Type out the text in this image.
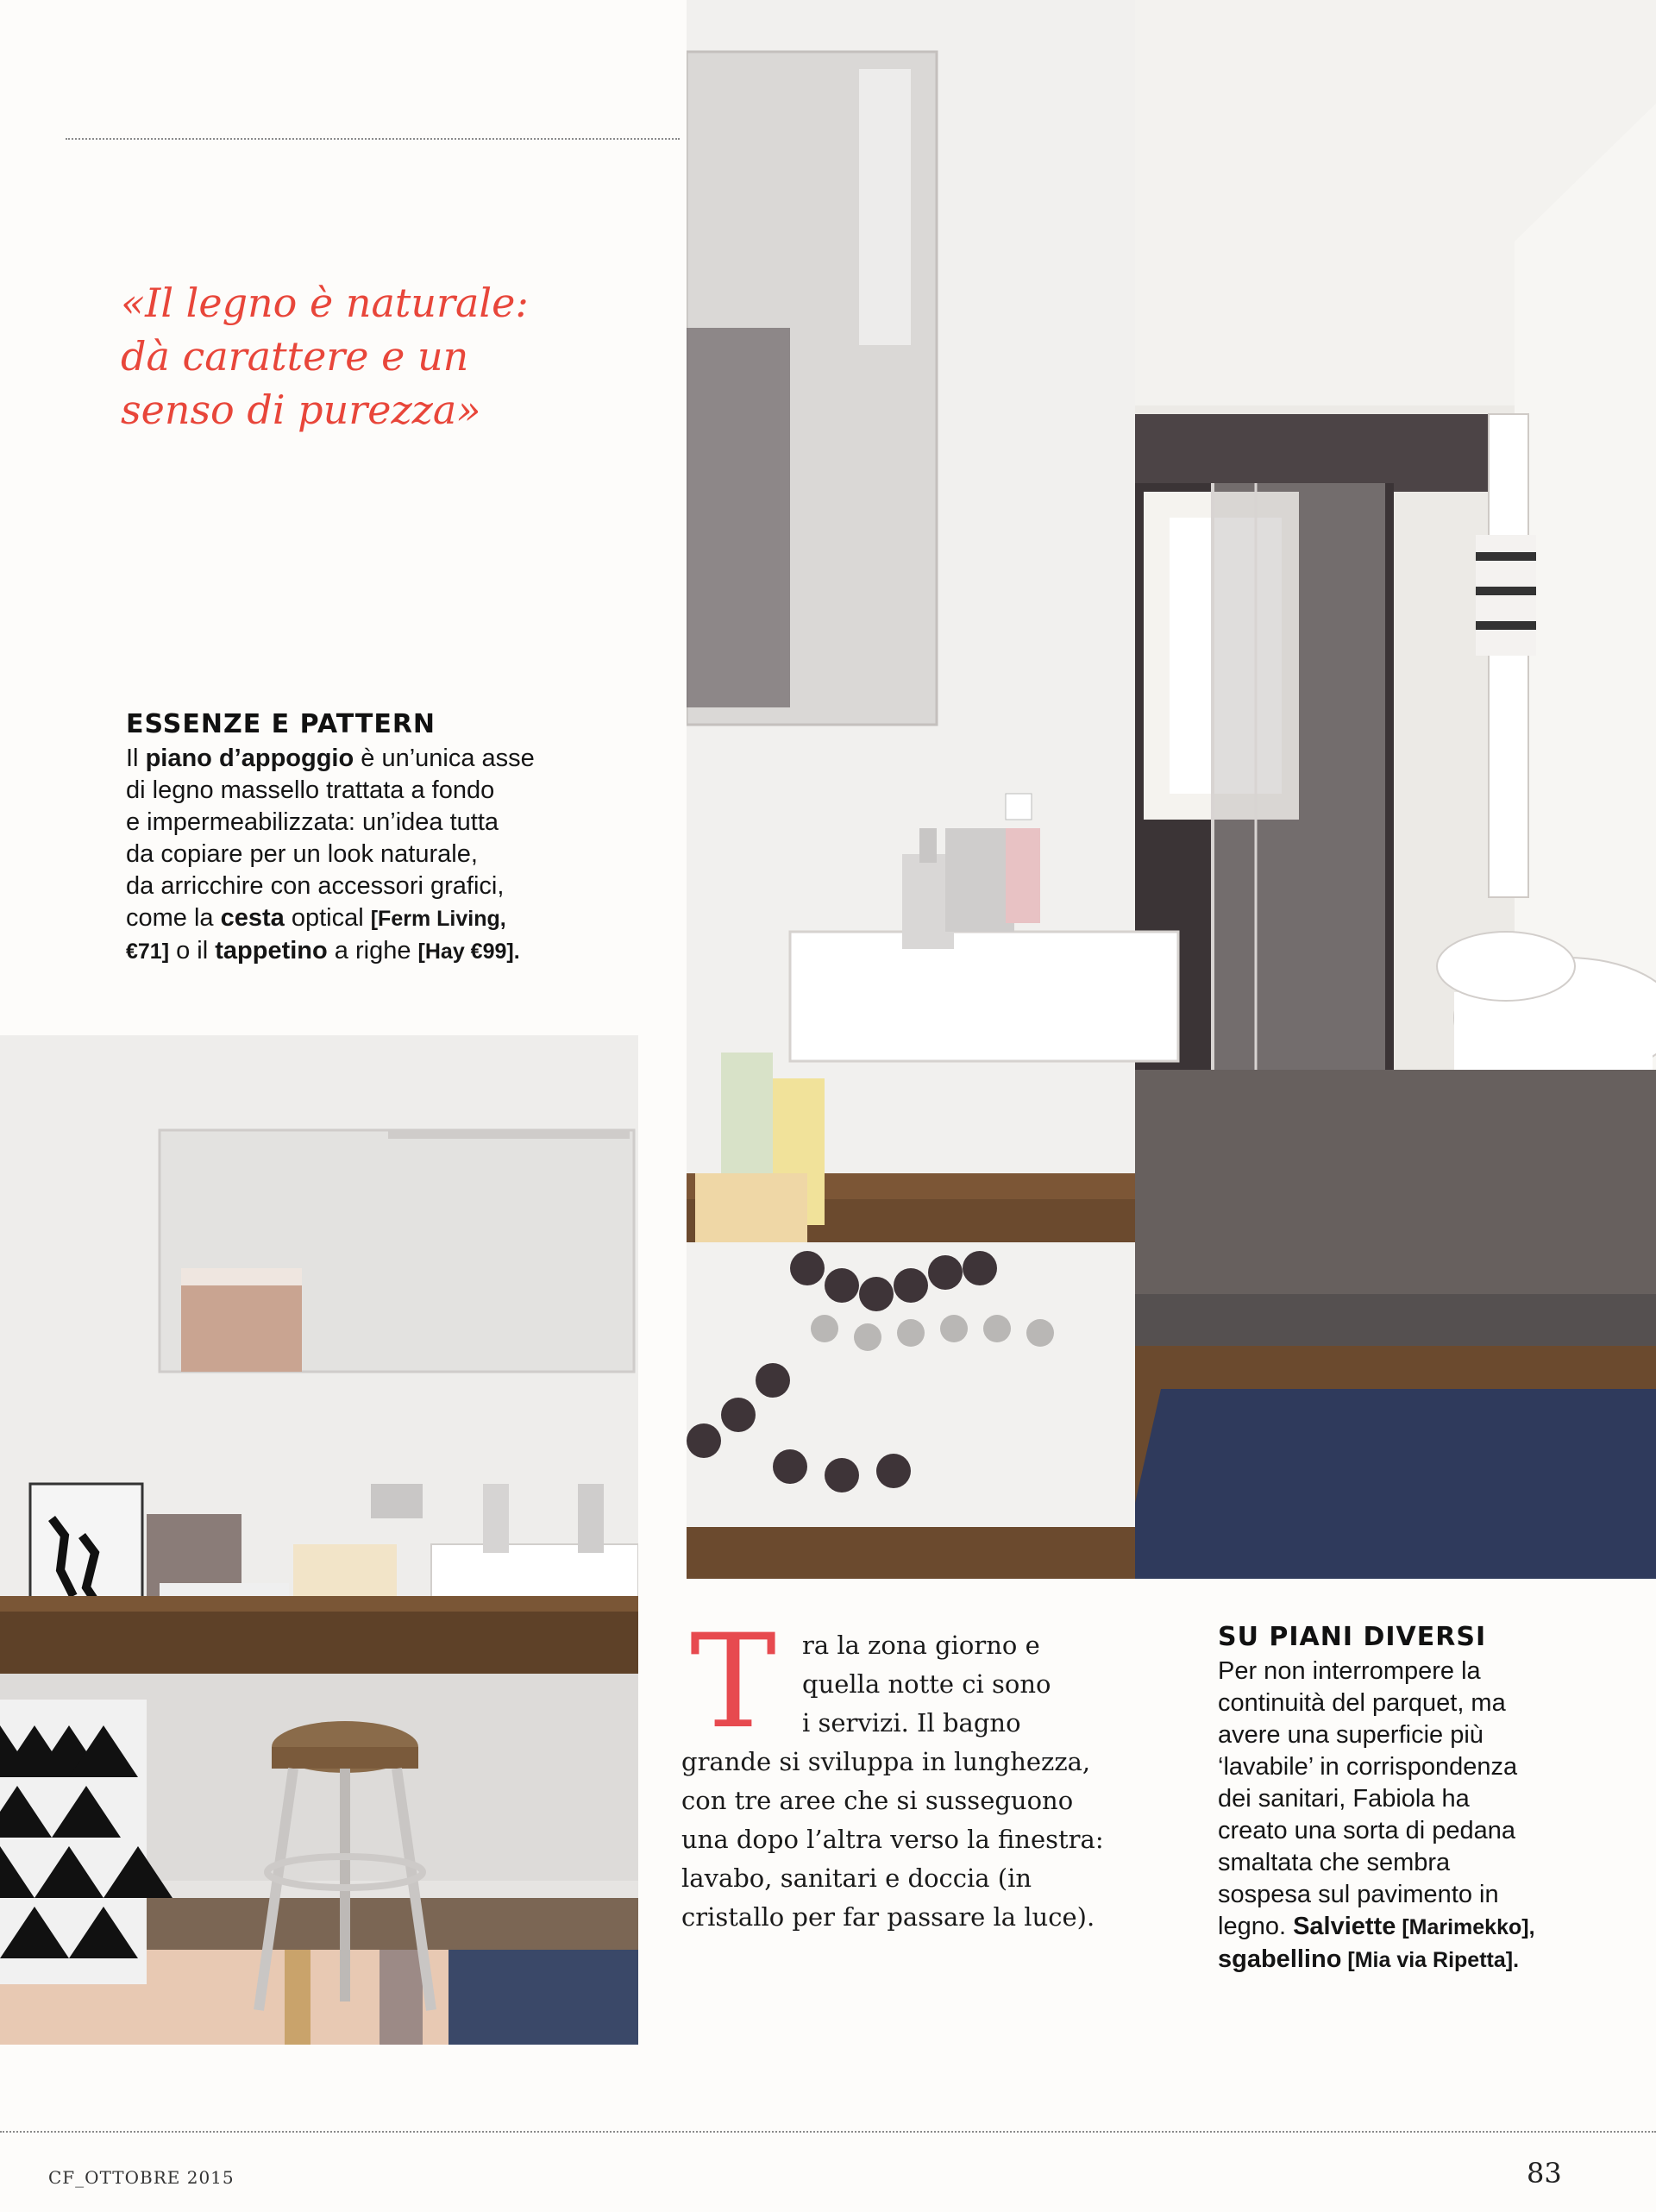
«Il legno è naturale:
dà carattere e un
senso di purezza»
ESSENZE E PATTERN
Il piano d’appoggio è un’unica asse
di legno massello trattata a fondo
e impermeabilizzata: un’idea tutta
da copiare per un look naturale,
da arricchire con accessori grafici,
come la cesta optical [Ferm Living,
€71] o il tappetino a righe [Hay €99].
T	ra la zona giorno e
quella notte ci sono
i servizi. Il bagno
grande si sviluppa in lunghezza,
con tre aree che si susseguono
una dopo l’altra verso la finestra:
lavabo, sanitari e doccia (in
cristallo per far passare la luce).
SU PIANI DIVERSI
Per non interrompere la
continuità del parquet, ma
avere una superficie più
‘lavabile’ in corrispondenza
dei sanitari, Fabiola ha
creato una sorta di pedana
smaltata che sembra
sospesa sul pavimento in
legno. Salviette [Marimekko],
sgabellino [Mia via Ripetta].
CF_OTTOBRE 2015	83
